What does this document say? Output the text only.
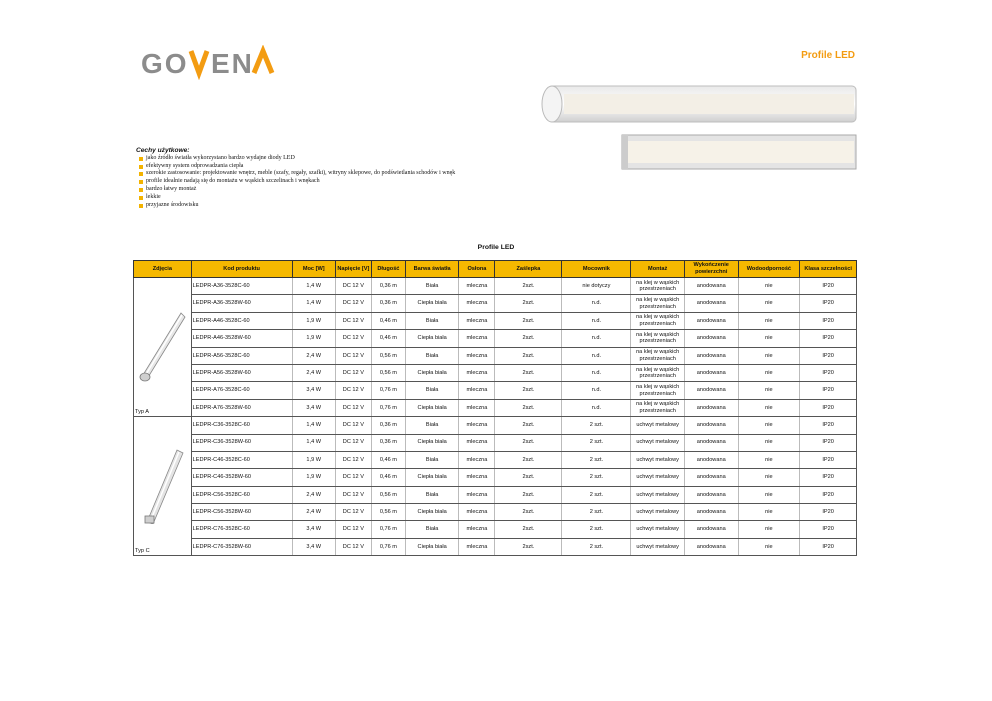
GO EN	Profile LED
Cechy użytkowe:
jako źródło światła wykorzystano bardzo wydajne diody LED
efektywny system odprowadzania ciepła
szerokie zastosowanie: projektowanie wnętrz, meble (szafy, regały, szafki), witryny sklepowe, do podświetlania schodów i wnęk
profile idealnie nadają się do montażu w wąskich szczelinach i wnękach
bardzo łatwy montaż
lekkie
przyjazne środowisku
Profile LED
Zdjęcia	Kod produktu	Moc [W]	Napięcie [V]	Długość	Barwa światła	Osłona	Zaślepka	Mocownik	Montaż	Wykończenie powierzchni	Wodoodporność	Klasa szczelności

Typ A	LEDPR-A36-3528C-60	1,4 W	DC 12 V	0,36 m	Biała	mleczna	2szt.	nie dotyczy	na klej w wąskich przestrzeniach	anodowana	nie	IP20
	LEDPR-A36-3528W-60	1,4 W	DC 12 V	0,36 m	Ciepła biała	mleczna	2szt.	n.d.	na klej w wąskich przestrzeniach	anodowana	nie	IP20
	LEDPR-A46-3528C-60	1,9 W	DC 12 V	0,46 m	Biała	mleczna	2szt.	n.d.	na klej w wąskich przestrzeniach	anodowana	nie	IP20
	LEDPR-A46-3528W-60	1,9 W	DC 12 V	0,46 m	Ciepła biała	mleczna	2szt.	n.d.	na klej w wąskich przestrzeniach	anodowana	nie	IP20
	LEDPR-A56-3528C-60	2,4 W	DC 12 V	0,56 m	Biała	mleczna	2szt.	n.d.	na klej w wąskich przestrzeniach	anodowana	nie	IP20
	LEDPR-A56-3528W-60	2,4 W	DC 12 V	0,56 m	Ciepła biała	mleczna	2szt.	n.d.	na klej w wąskich przestrzeniach	anodowana	nie	IP20
	LEDPR-A76-3528C-60	3,4 W	DC 12 V	0,76 m	Biała	mleczna	2szt.	n.d.	na klej w wąskich przestrzeniach	anodowana	nie	IP20
	LEDPR-A76-3528W-60	3,4 W	DC 12 V	0,76 m	Ciepła biała	mleczna	2szt.	n.d.	na klej w wąskich przestrzeniach	anodowana	nie	IP20

Typ C	LEDPR-C36-3528C-60	1,4 W	DC 12 V	0,36 m	Biała	mleczna	2szt.	2 szt.	uchwyt metalowy	anodowana	nie	IP20
	LEDPR-C36-3528W-60	1,4 W	DC 12 V	0,36 m	Ciepła biała	mleczna	2szt.	2 szt.	uchwyt metalowy	anodowana	nie	IP20
	LEDPR-C46-3528C-60	1,9 W	DC 12 V	0,46 m	Biała	mleczna	2szt.	2 szt.	uchwyt metalowy	anodowana	nie	IP20
	LEDPR-C46-3528W-60	1,9 W	DC 12 V	0,46 m	Ciepła biała	mleczna	2szt.	2 szt.	uchwyt metalowy	anodowana	nie	IP20
	LEDPR-C56-3528C-60	2,4 W	DC 12 V	0,56 m	Biała	mleczna	2szt.	2 szt.	uchwyt metalowy	anodowana	nie	IP20
	LEDPR-C56-3528W-60	2,4 W	DC 12 V	0,56 m	Ciepła biała	mleczna	2szt.	2 szt.	uchwyt metalowy	anodowana	nie	IP20
	LEDPR-C76-3528C-60	3,4 W	DC 12 V	0,76 m	Biała	mleczna	2szt.	2 szt.	uchwyt metalowy	anodowana	nie	IP20
	LEDPR-C76-3528W-60	3,4 W	DC 12 V	0,76 m	Ciepła biała	mleczna	2szt.	2 szt.	uchwyt metalowy	anodowana	nie	IP20
